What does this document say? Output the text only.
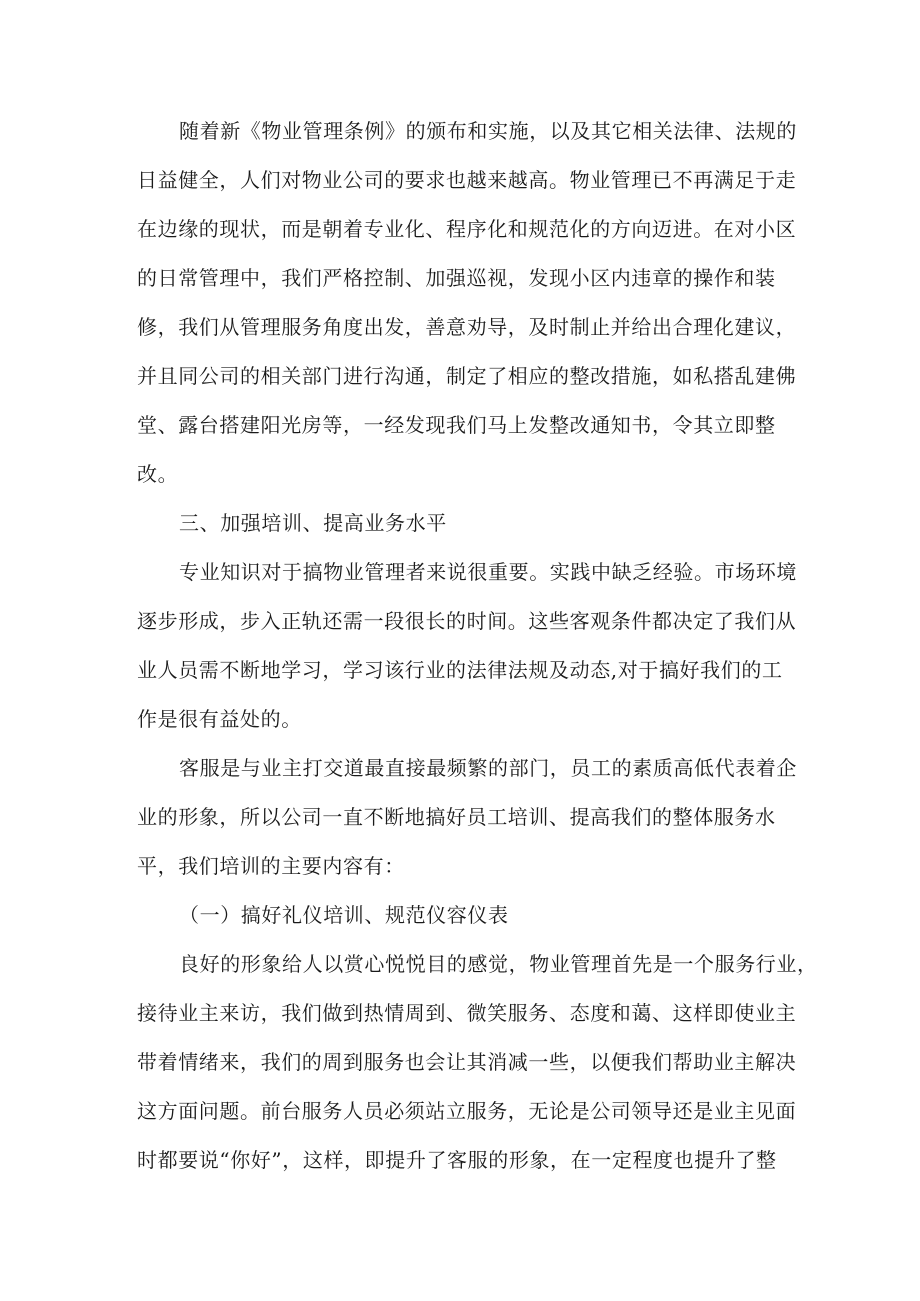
随着新《物业管理条例》的颁布和实施，以及其它相关法律、法规的
日益健全，人们对物业公司的要求也越来越高。物业管理已不再满足于走
在边缘的现状，而是朝着专业化、程序化和规范化的方向迈进。在对小区
的日常管理中，我们严格控制、加强巡视，发现小区内违章的操作和装
修，我们从管理服务角度出发，善意劝导，及时制止并给出合理化建议，
并且同公司的相关部门进行沟通，制定了相应的整改措施，如私搭乱建佛
堂、露台搭建阳光房等，一经发现我们马上发整改通知书，令其立即整
改。
三、加强培训、提高业务水平
专业知识对于搞物业管理者来说很重要。实践中缺乏经验。市场环境
逐步形成，步入正轨还需一段很长的时间。这些客观条件都决定了我们从
业人员需不断地学习，学习该行业的法律法规及动态,对于搞好我们的工
作是很有益处的。
客服是与业主打交道最直接最频繁的部门，员工的素质高低代表着企
业的形象，所以公司一直不断地搞好员工培训、提高我们的整体服务水
平，我们培训的主要内容有：
（一）搞好礼仪培训、规范仪容仪表
良好的形象给人以赏心悦悦目的感觉，物业管理首先是一个服务行业，
接待业主来访，我们做到热情周到、微笑服务、态度和蔼、这样即使业主
带着情绪来，我们的周到服务也会让其消减一些，以便我们帮助业主解决
这方面问题。前台服务人员必须站立服务，无论是公司领导还是业主见面
时都要说“你好”，这样，即提升了客服的形象，在一定程度也提升了整
